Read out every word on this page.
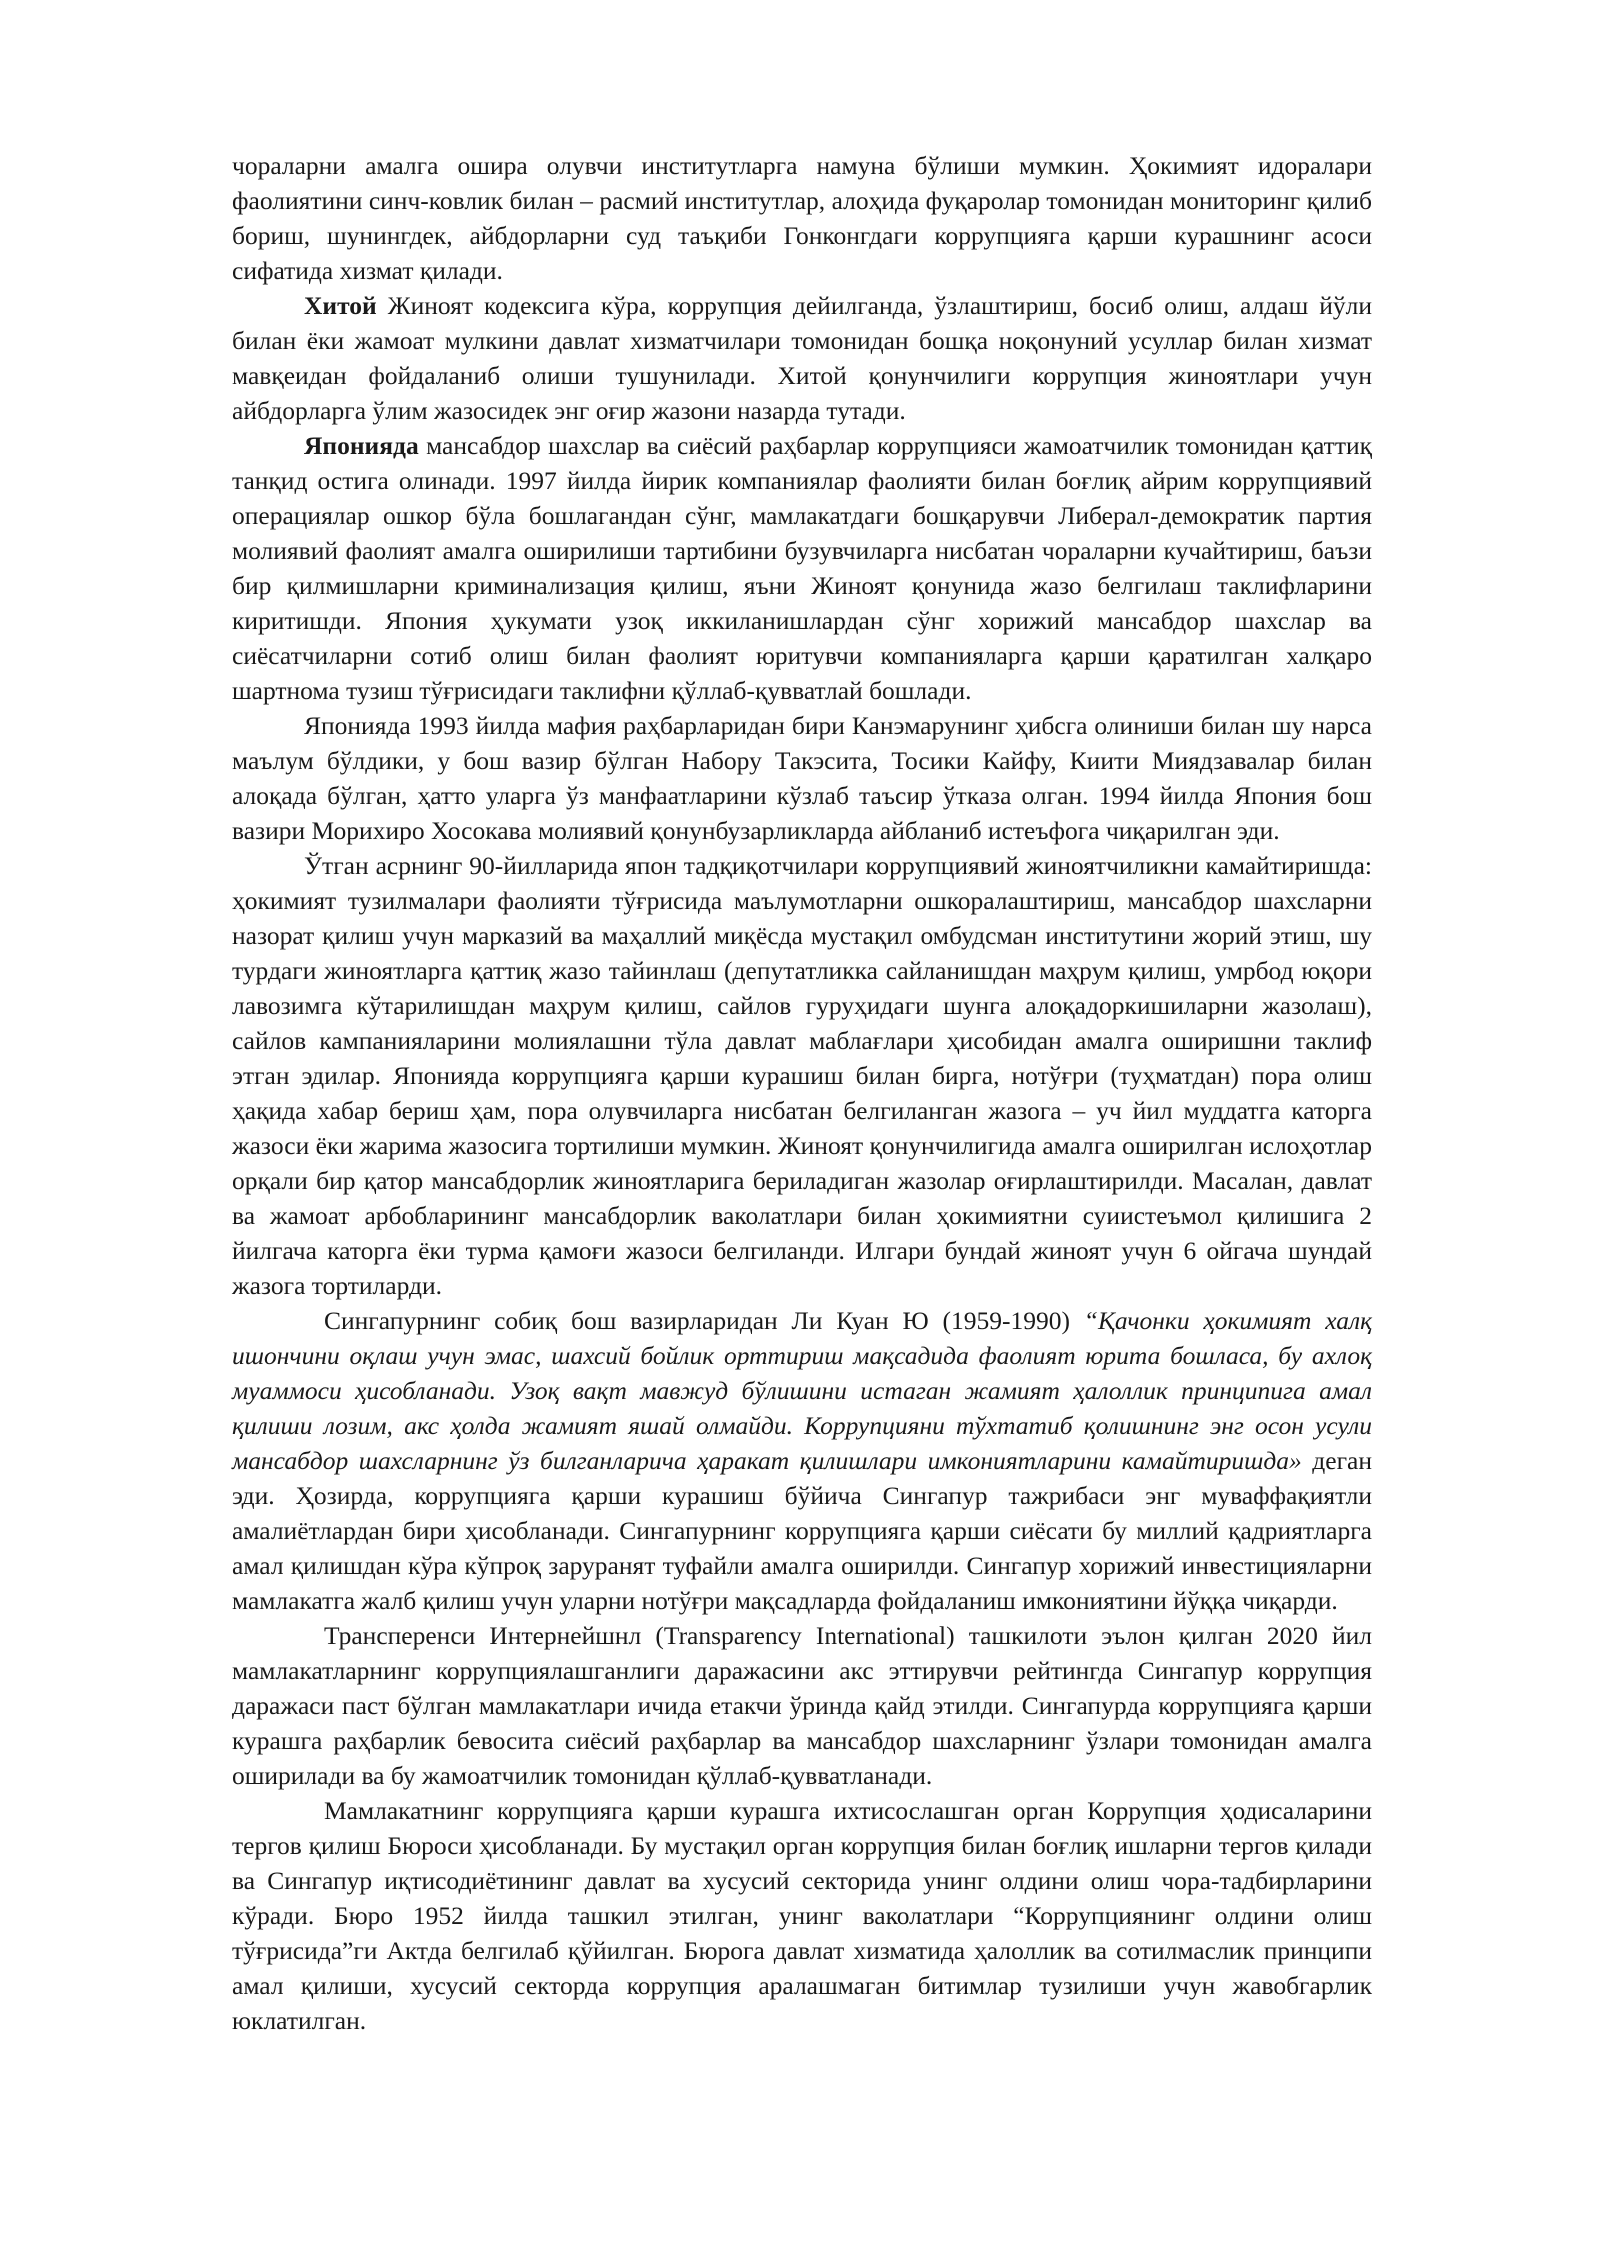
чораларни амалга ошира олувчи институтларга намуна бўлиши мумкин. Ҳокимият идоралари фаолиятини синч-ковлик билан – расмий институтлар, алоҳида фуқаролар томонидан мониторинг қилиб бориш, шунингдек, айбдорларни суд таъқиби Гонконгдаги коррупцияга қарши курашнинг асоси сифатида хизмат қилади.

Хитой Жиноят кодексига кўра, коррупция дейилганда, ўзлаштириш, босиб олиш, алдаш йўли билан ёки жамоат мулкини давлат хизматчилари томонидан бошқа ноқонуний усуллар билан хизмат мавқеидан фойдаланиб олиши тушунилади. Хитой қонунчилиги коррупция жиноятлари учун айбдорларга ўлим жазосидек энг оғир жазони назарда тутади.

Японияда мансабдор шахслар ва сиёсий раҳбарлар коррупцияси жамоатчилик томонидан қаттиқ танқид остига олинади. 1997 йилда йирик компаниялар фаолияти билан боғлиқ айрим коррупциявий операциялар ошкор бўла бошлагандан сўнг, мамлакатдаги бошқарувчи Либерал-демократик партия молиявий фаолият амалга оширилиши тартибини бузувчиларга нисбатан чораларни кучайтириш, баъзи бир қилмишларни криминализация қилиш, яъни Жиноят қонунида жазо белгилаш таклифларини киритишди. Япония ҳукумати узоқ иккиланишлардан сўнг хорижий мансабдор шахслар ва сиёсатчиларни сотиб олиш билан фаолият юритувчи компанияларга қарши қаратилган халқаро шартнома тузиш тўғрисидаги таклифни қўллаб-қувватлай бошлади.

Японияда 1993 йилда мафия раҳбарларидан бири Канэмарунинг ҳибсга олиниши билан шу нарса маълум бўлдики, у бош вазир бўлган Набору Такэсита, Тосики Кайфу, Киити Миядзавалар билан алоқада бўлган, ҳатто уларга ўз манфаатларини кўзлаб таъсир ўтказа олган. 1994 йилда Япония бош вазири Морихиро Хосокава молиявий қонунбузарликларда айбланиб истеъфога чиқарилган эди.

Ўтган асрнинг 90-йилларида япон тадқиқотчилари коррупциявий жиноятчиликни камайтиришда: ҳокимият тузилмалари фаолияти тўғрисида маълумотларни ошкоралаштириш, мансабдор шахсларни назорат қилиш учун марказий ва маҳаллий миқёсда мустақил омбудсман институтини жорий этиш, шу турдаги жиноятларга қаттиқ жазо тайинлаш (депутатликка сайланишдан маҳрум қилиш, умрбод юқори лавозимга кўтарилишдан маҳрум қилиш, сайлов гуруҳидаги шунга алоқадоркишиларни жазолаш), сайлов кампанияларини молиялашни тўла давлат маблағлари ҳисобидан амалга оширишни таклиф этган эдилар. Японияда коррупцияга қарши курашиш билан бирга, нотўғри (туҳматдан) пора олиш ҳақида хабар бериш ҳам, пора олувчиларга нисбатан белгиланган жазога – уч йил муддатга каторга жазоси ёки жарима жазосига тортилиши мумкин. Жиноят қонунчилигида амалга оширилган ислоҳотлар орқали бир қатор мансабдорлик жиноятларига бериладиган жазолар оғирлаштирилди. Масалан, давлат ва жамоат арбобларининг мансабдорлик ваколатлари билан ҳокимиятни суиистеъмол қилишига 2 йилгача каторга ёки турма қамоғи жазоси белгиланди. Илгари бундай жиноят учун 6 ойгача шундай жазога тортиларди.

Сингапурнинг собиқ бош вазирларидан Ли Куан Ю (1959-1990) “Қачонки ҳокимият халқ ишончини оқлаш учун эмас, шахсий бойлик орттириш мақсадида фаолият юрита бошласа, бу ахлоқ муаммоси ҳисобланади. Узоқ вақт мавжуд бўлишини истаган жамият ҳалоллик принципига амал қилиши лозим, акс ҳолда жамият яшай олмайди. Коррупцияни тўхтатиб қолишнинг энг осон усули мансабдор шахсларнинг ўз билганларича ҳаракат қилишлари имкониятларини камайтиришда» деган эди. Ҳозирда, коррупцияга қарши курашиш бўйича Сингапур тажрибаси энг муваффақиятли амалиётлардан бири ҳисобланади. Сингапурнинг коррупцияга қарши сиёсати бу миллий қадриятларга амал қилишдан кўра кўпроқ заруранят туфайли амалга оширилди. Сингапур хорижий инвестицияларни мамлакатга жалб қилиш учун уларни нотўғри мақсадларда фойдаланиш имкониятини йўққа чиқарди.

Трансперенси Интернейшнл (Transparency International) ташкилоти эълон қилган 2020 йил мамлакатларнинг коррупциялашганлиги даражасини акс эттирувчи рейтингда Сингапур коррупция даражаси паст бўлган мамлакатлари ичида етакчи ўринда қайд этилди. Сингапурда коррупцияга қарши курашга раҳбарлик бевосита сиёсий раҳбарлар ва мансабдор шахсларнинг ўзлари томонидан амалга оширилади ва бу жамоатчилик томонидан қўллаб-қувватланади.

Мамлакатнинг коррупцияга қарши курашга ихтисослашган орган Коррупция ҳодисаларини тергов қилиш Бюроси ҳисобланади. Бу мустақил орган коррупция билан боғлиқ ишларни тергов қилади ва Сингапур иқтисодиётининг давлат ва хусусий секторида унинг олдини олиш чора-тадбирларини кўради. Бюро 1952 йилда ташкил этилган, унинг ваколатлари “Коррупциянинг олдини олиш тўғрисида”ги Актда белгилаб қўйилган. Бюрога давлат хизматида ҳалоллик ва сотилмаслик принципи амал қилиши, хусусий секторда коррупция аралашмаган битимлар тузилиши учун жавобгарлик юклатилган.
